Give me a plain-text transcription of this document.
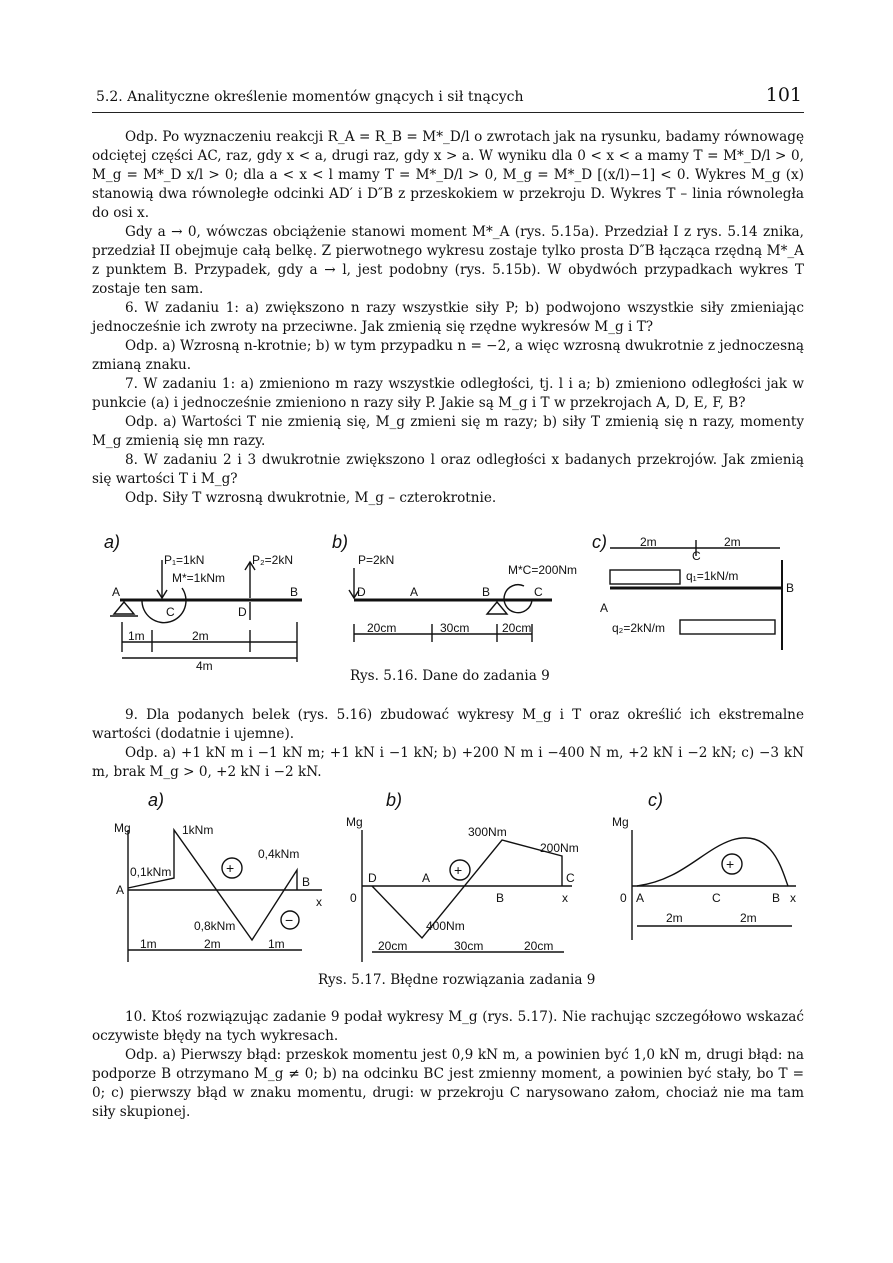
5.2. Analityczne określenie momentów gnących i sił tnących	101

Odp. Po wyznaczeniu reakcji R_A = R_B = M*_D/l o zwrotach jak na rysunku, badamy równowagę odciętej części AC, raz, gdy x < a, drugi raz, gdy x > a. W wyniku dla 0 < x < a mamy T = M*_D/l > 0, M_g = M*_D x/l > 0; dla a < x < l mamy T = M*_D/l > 0, M_g = M*_D [(x/l)−1] < 0. Wykres M_g (x) stanowią dwa równoległe odcinki AD′ i D″B z przeskokiem w przekroju D. Wykres T – linia równoległa do osi x.

Gdy a → 0, wówczas obciążenie stanowi moment M*_A (rys. 5.15a). Przedział I z rys. 5.14 znika, przedział II obejmuje całą belkę. Z pierwotnego wykresu zostaje tylko prosta D″B łącząca rzędną M*_A z punktem B. Przypadek, gdy a → l, jest podobny (rys. 5.15b). W obydwóch przypadkach wykres T zostaje ten sam.

6. W zadaniu 1: a) zwiększono n razy wszystkie siły P; b) podwojono wszystkie siły zmieniając jednocześnie ich zwroty na przeciwne. Jak zmienią się rzędne wykresów M_g i T?

Odp. a) Wzrosną n-krotnie; b) w tym przypadku n = −2, a więc wzrosną dwukrotnie z jednoczesną zmianą znaku.

7. W zadaniu 1: a) zmieniono m razy wszystkie odległości, tj. l i a; b) zmieniono odległości jak w punkcie (a) i jednocześnie zmieniono n razy siły P. Jakie są M_g i T w przekrojach A, D, E, F, B?

Odp. a) Wartości T nie zmienią się, M_g zmieni się m razy; b) siły T zmienią się n razy, momenty M_g zmienią się mn razy.

8. W zadaniu 2 i 3 dwukrotnie zwiększono l oraz odległości x badanych przekrojów. Jak zmienią się wartości T i M_g?

Odp. Siły T wzrosną dwukrotnie, M_g – czterokrotnie.

a)
P₁=1kN	P₂=2kN
M*=1kNm
A	B
C	D
1m	2m
4m
b)
P=2kN
M*C=200Nm
D	A	B	C
20cm	30cm	20cm
c)	2m	2m
C
q₁=1kN/m
q₂=2kN/m
A
B
Rys. 5.16. Dane do zadania 9

9. Dla podanych belek (rys. 5.16) zbudować wykresy M_g i T oraz określić ich ekstremalne wartości (dodatnie i ujemne).

Odp. a) +1 kN m i −1 kN m; +1 kN i −1 kN; b) +200 N m i −400 N m, +2 kN i −2 kN; c) −3 kN m, brak M_g > 0, +2 kN i −2 kN.

a)
Mg	1kNm
0,4kNm
0,1kNm
0,8kNm
A
B
x
+
−
1m	2m	1m
b)
Mg
300Nm
200Nm
400Nm
D	A
B
C
0	x
+
20cm	30cm	20cm
c)
Mg
0 A	C	B x
+
2m	2m
Rys. 5.17. Błędne rozwiązania zadania 9

10. Ktoś rozwiązując zadanie 9 podał wykresy M_g (rys. 5.17). Nie rachując szczegółowo wskazać oczywiste błędy na tych wykresach.

Odp. a) Pierwszy błąd: przeskok momentu jest 0,9 kN m, a powinien być 1,0 kN m, drugi błąd: na podporze B otrzymano M_g ≠ 0; b) na odcinku BC jest zmienny moment, a powinien być stały, bo T = 0; c) pierwszy błąd w znaku momentu, drugi: w przekroju C narysowano załom, chociaż nie ma tam siły skupionej.
